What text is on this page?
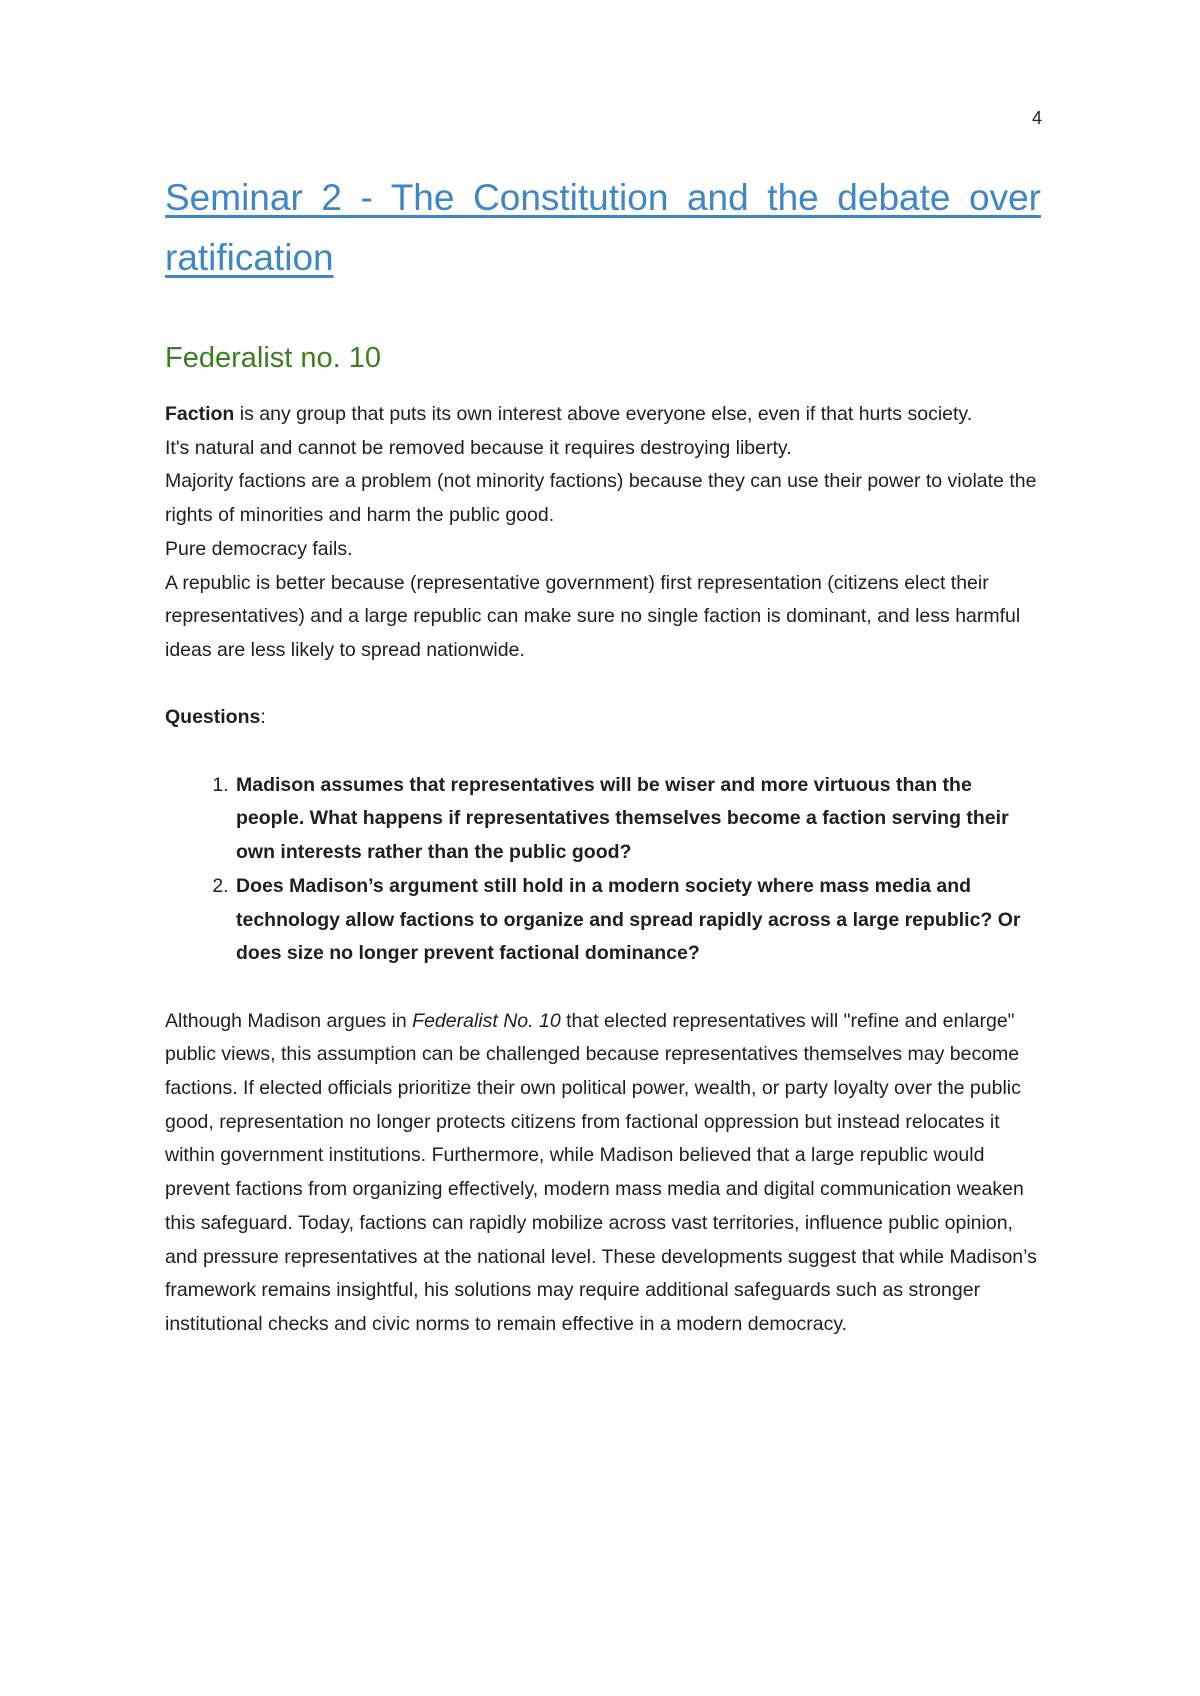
4
Seminar 2 - The Constitution and the debate over ratification
Federalist no. 10

Faction is any group that puts its own interest above everyone else, even if that hurts society.

It's natural and cannot be removed because it requires destroying liberty.

Majority factions are a problem (not minority factions) because they can use their power to violate the rights of minorities and harm the public good.

Pure democracy fails.

A republic is better because (representative government) first representation (citizens elect their representatives) and a large republic can make sure no single faction is dominant, and less harmful ideas are less likely to spread nationwide.

Questions:

1. Madison assumes that representatives will be wiser and more virtuous than the people. What happens if representatives themselves become a faction serving their own interests rather than the public good?
2. Does Madison’s argument still hold in a modern society where mass media and technology allow factions to organize and spread rapidly across a large republic? Or does size no longer prevent factional dominance?

Although Madison argues in Federalist No. 10 that elected representatives will "refine and enlarge" public views, this assumption can be challenged because representatives themselves may become factions. If elected officials prioritize their own political power, wealth, or party loyalty over the public good, representation no longer protects citizens from factional oppression but instead relocates it within government institutions. Furthermore, while Madison believed that a large republic would prevent factions from organizing effectively, modern mass media and digital communication weaken this safeguard. Today, factions can rapidly mobilize across vast territories, influence public opinion, and pressure representatives at the national level. These developments suggest that while Madison’s framework remains insightful, his solutions may require additional safeguards such as stronger institutional checks and civic norms to remain effective in a modern democracy.
